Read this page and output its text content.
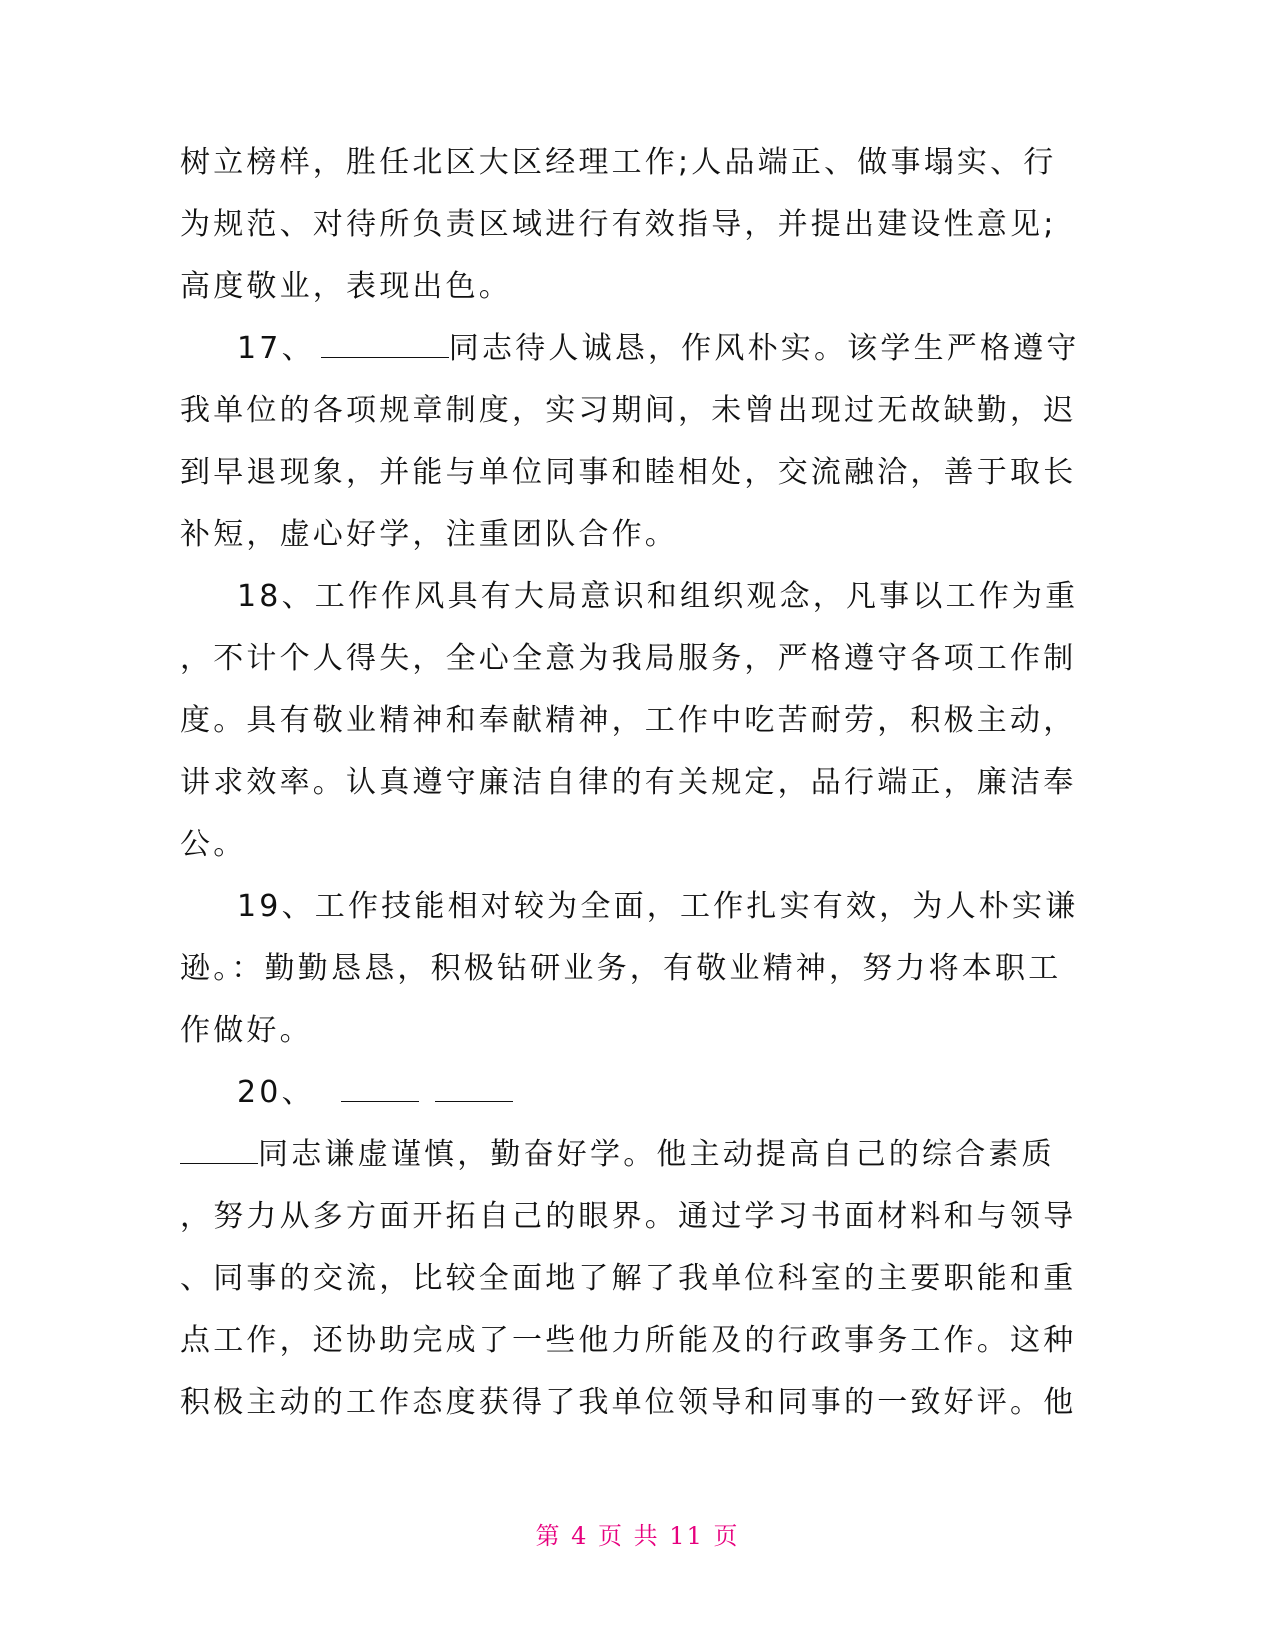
树立榜样，胜任北区大区经理工作;人品端正、做事塌实、行
为规范、对待所负责区域进行有效指导，并提出建设性意见;
高度敬业，表现出色。
17、	同志待人诚恳，作风朴实。该学生严格遵守
我单位的各项规章制度，实习期间，未曾出现过无故缺勤，迟
到早退现象，并能与单位同事和睦相处，交流融洽，善于取长
补短，虚心好学，注重团队合作。
18、工作作风具有大局意识和组织观念，凡事以工作为重
，不计个人得失，全心全意为我局服务，严格遵守各项工作制
度。具有敬业精神和奉献精神，工作中吃苦耐劳，积极主动，
讲求效率。认真遵守廉洁自律的有关规定，品行端正，廉洁奉
公。
19、工作技能相对较为全面，工作扎实有效，为人朴实谦
逊。：勤勤恳恳，积极钻研业务，有敬业精神，努力将本职工
作做好。
20、
同志谦虚谨慎，勤奋好学。他主动提高自己的综合素质
，努力从多方面开拓自己的眼界。通过学习书面材料和与领导
、同事的交流，比较全面地了解了我单位科室的主要职能和重
点工作，还协助完成了一些他力所能及的行政事务工作。这种
积极主动的工作态度获得了我单位领导和同事的一致好评。他
第 4 页 共 11 页
